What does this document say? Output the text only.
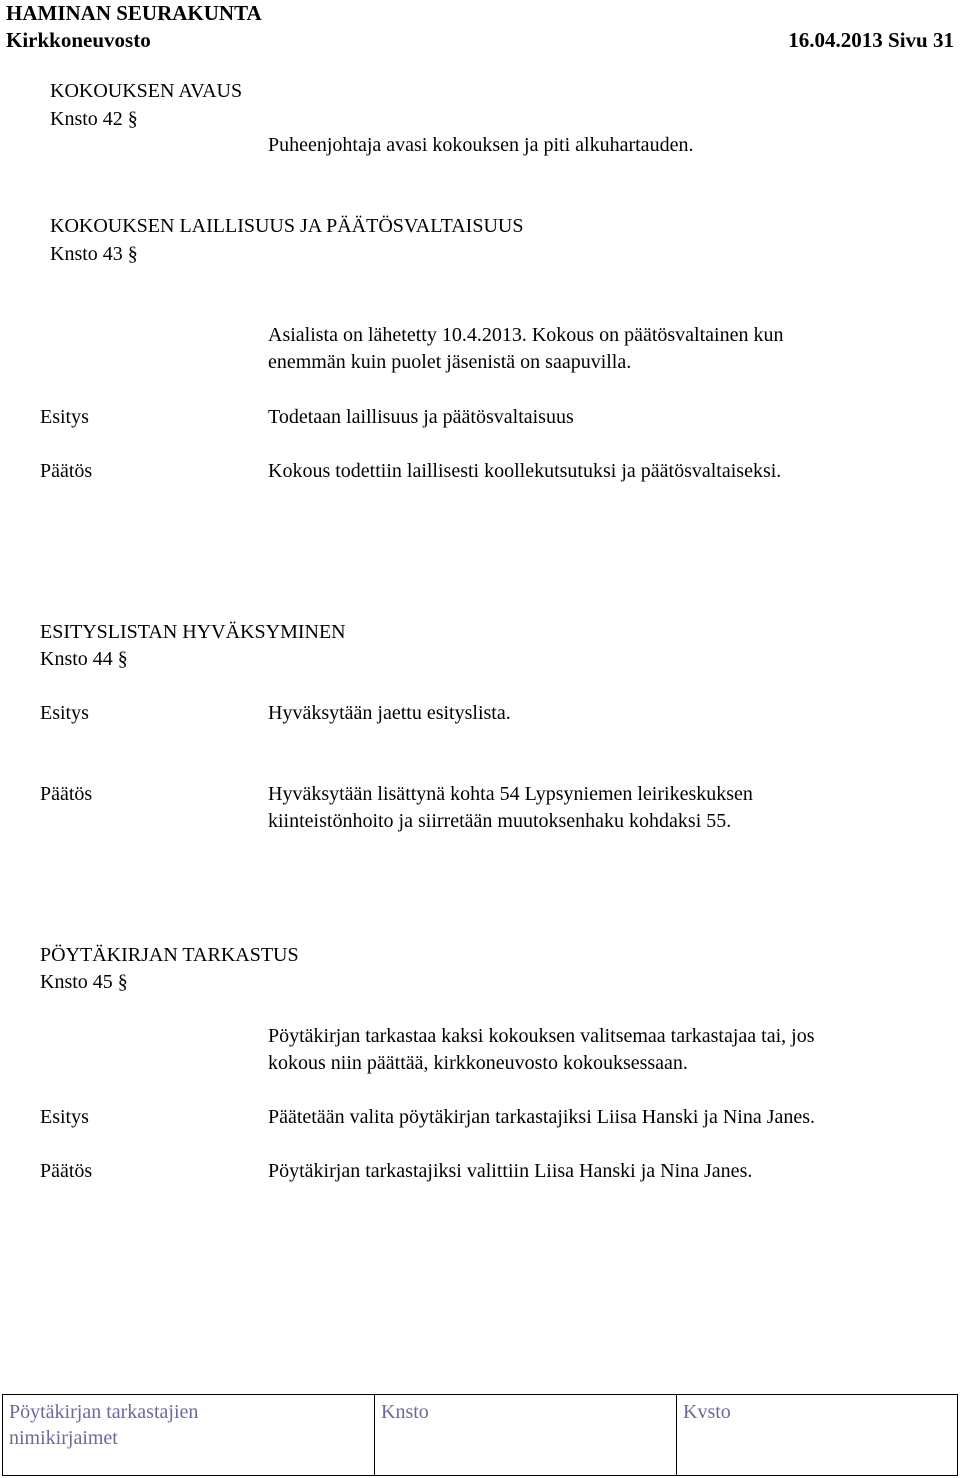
HAMINAN SEURAKUNTA
Kirkkoneuvosto	16.04.2013 Sivu 31
KOKOUKSEN AVAUS
Knsto 42 §
Puheenjohtaja avasi kokouksen ja piti alkuhartauden.
KOKOUKSEN LAILLISUUS JA PÄÄTÖSVALTAISUUS
Knsto 43 §
Asialista on lähetetty 10.4.2013. Kokous on päätösvaltainen kun
enemmän kuin puolet jäsenistä on saapuvilla.
Esitys	Todetaan laillisuus ja päätösvaltaisuus
Päätös	Kokous todettiin laillisesti koollekutsutuksi ja päätösvaltaiseksi.
ESITYSLISTAN HYVÄKSYMINEN
Knsto 44 §
Esitys	Hyväksytään jaettu esityslista.
Päätös	Hyväksytään lisättynä kohta 54 Lypsyniemen leirikeskuksen
kiinteistönhoito ja siirretään muutoksenhaku kohdaksi 55.
PÖYTÄKIRJAN TARKASTUS
Knsto 45 §
Pöytäkirjan tarkastaa kaksi kokouksen valitsemaa tarkastajaa tai, jos
kokous niin päättää, kirkkoneuvosto kokouksessaan.
Esitys	Päätetään valita pöytäkirjan tarkastajiksi Liisa Hanski ja Nina Janes.
Päätös	Pöytäkirjan tarkastajiksi valittiin Liisa Hanski ja Nina Janes.
Pöytäkirjan tarkastajien
nimikirjaimet
Knsto	Kvsto
